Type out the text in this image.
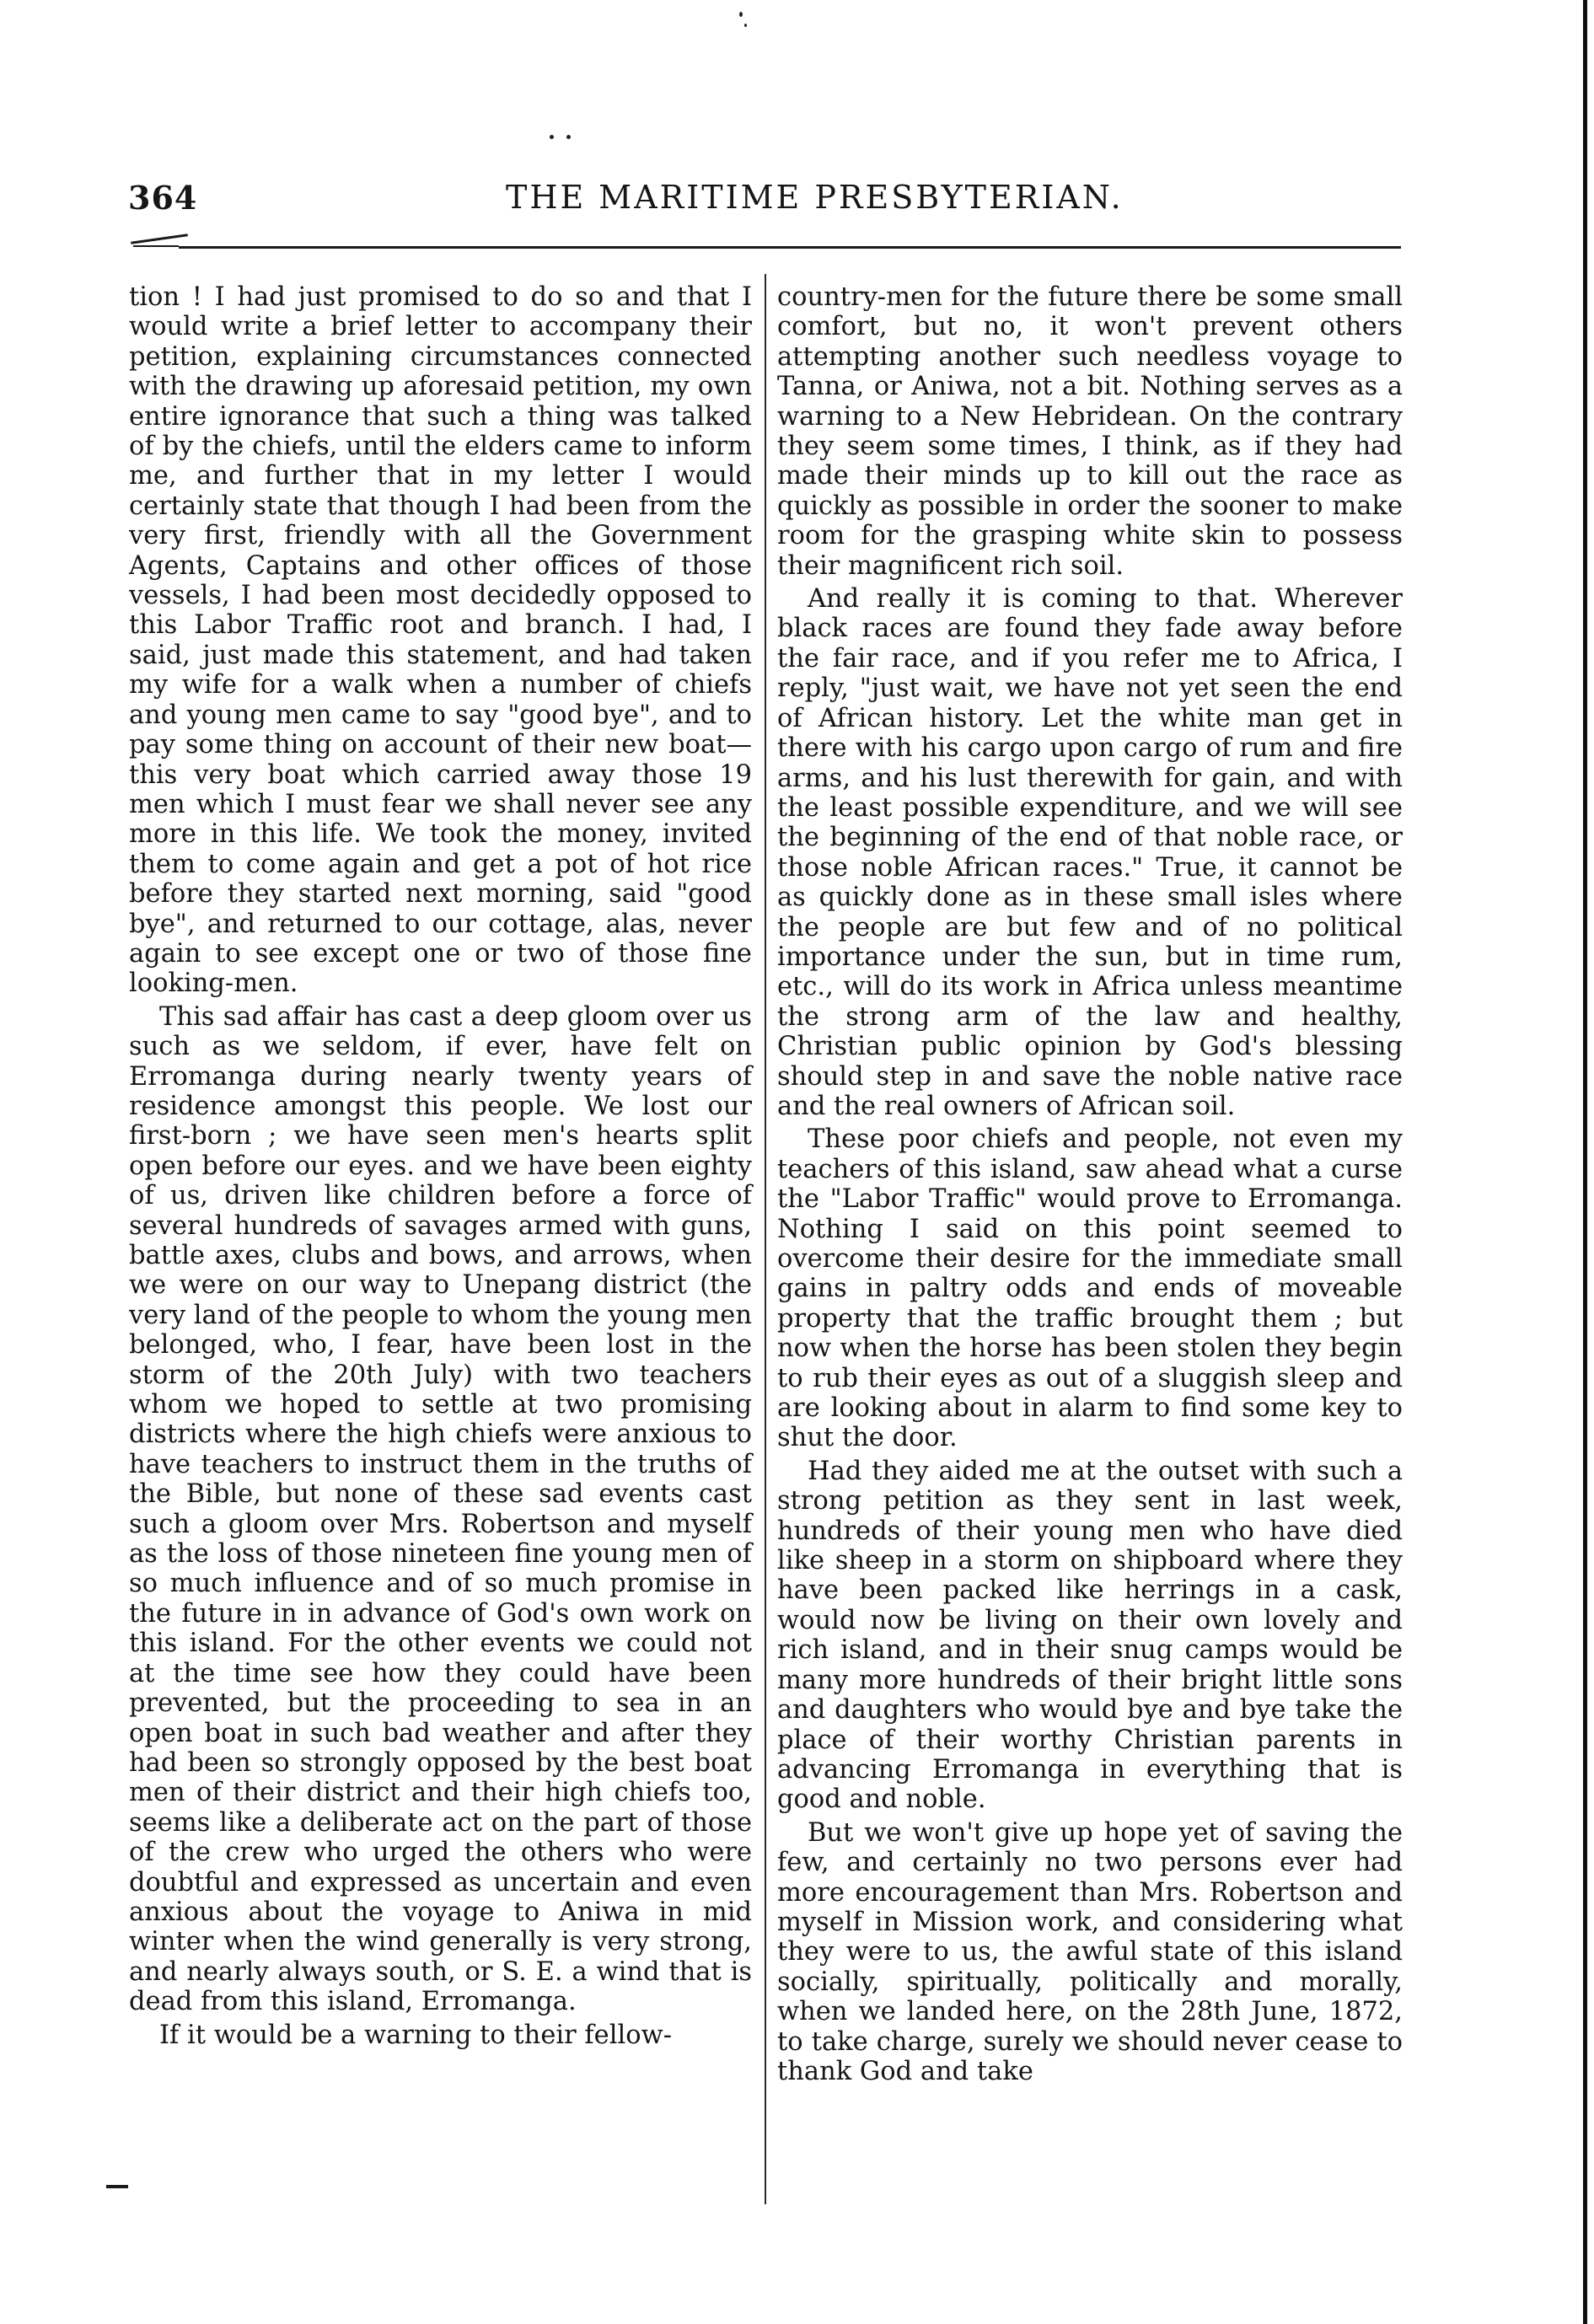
364	THE MARITIME PRESBYTERIAN.

tion ! I had just promised to do so and that I would write a brief letter to accompany their petition, explaining circumstances connected with the drawing up aforesaid petition, my own entire ignorance that such a thing was talked of by the chiefs, until the elders came to inform me, and further that in my letter I would certainly state that though I had been from the very first, friendly with all the Government Agents, Captains and other offices of those vessels, I had been most decidedly opposed to this Labor Traffic root and branch. I had, I said, just made this statement, and had taken my wife for a walk when a number of chiefs and young men came to say "good bye", and to pay some thing on account of their new boat—this very boat which carried away those 19 men which I must fear we shall never see any more in this life. We took the money, invited them to come again and get a pot of hot rice before they started next morning, said "good bye", and returned to our cottage, alas, never again to see except one or two of those fine looking-men.

This sad affair has cast a deep gloom over us such as we seldom, if ever, have felt on Erromanga during nearly twenty years of residence amongst this people. We lost our first-born ; we have seen men's hearts split open before our eyes. and we have been eighty of us, driven like children before a force of several hundreds of savages armed with guns, battle axes, clubs and bows, and arrows, when we were on our way to Unepang district (the very land of the people to whom the young men belonged, who, I fear, have been lost in the storm of the 20th July) with two teachers whom we hoped to settle at two promising districts where the high chiefs were anxious to have teachers to instruct them in the truths of the Bible, but none of these sad events cast such a gloom over Mrs. Robertson and myself as the loss of those nineteen fine young men of so much influence and of so much promise in the future in in advance of God's own work on this island. For the other events we could not at the time see how they could have been prevented, but the proceeding to sea in an open boat in such bad weather and after they had been so strongly opposed by the best boat men of their district and their high chiefs too, seems like a deliberate act on the part of those of the crew who urged the others who were doubtful and expressed as uncertain and even anxious about the voyage to Aniwa in mid winter when the wind generally is very strong, and nearly always south, or S. E. a wind that is dead from this island, Erromanga.

If it would be a warning to their fellow-

country-men for the future there be some small comfort, but no, it won't prevent others attempting another such needless voyage to Tanna, or Aniwa, not a bit. Nothing serves as a warning to a New Hebridean. On the contrary they seem some times, I think, as if they had made their minds up to kill out the race as quickly as possible in order the sooner to make room for the grasping white skin to possess their magnificent rich soil.

And really it is coming to that. Wherever black races are found they fade away before the fair race, and if you refer me to Africa, I reply, "just wait, we have not yet seen the end of African history. Let the white man get in there with his cargo upon cargo of rum and fire arms, and his lust therewith for gain, and with the least possible expenditure, and we will see the beginning of the end of that noble race, or those noble African races." True, it cannot be as quickly done as in these small isles where the people are but few and of no political importance under the sun, but in time rum, etc., will do its work in Africa unless meantime the strong arm of the law and healthy, Christian public opinion by God's blessing should step in and save the noble native race and the real owners of African soil.

These poor chiefs and people, not even my teachers of this island, saw ahead what a curse the "Labor Traffic" would prove to Erromanga. Nothing I said on this point seemed to overcome their desire for the immediate small gains in paltry odds and ends of moveable property that the traffic brought them ; but now when the horse has been stolen they begin to rub their eyes as out of a sluggish sleep and are looking about in alarm to find some key to shut the door.

Had they aided me at the outset with such a strong petition as they sent in last week, hundreds of their young men who have died like sheep in a storm on shipboard where they have been packed like herrings in a cask, would now be living on their own lovely and rich island, and in their snug camps would be many more hundreds of their bright little sons and daughters who would bye and bye take the place of their worthy Christian parents in advancing Erromanga in everything that is good and noble.

But we won't give up hope yet of saving the few, and certainly no two persons ever had more encouragement than Mrs. Robertson and myself in Mission work, and considering what they were to us, the awful state of this island socially, spiritually, politically and morally, when we landed here, on the 28th June, 1872, to take charge, surely we should never cease to thank God and take
